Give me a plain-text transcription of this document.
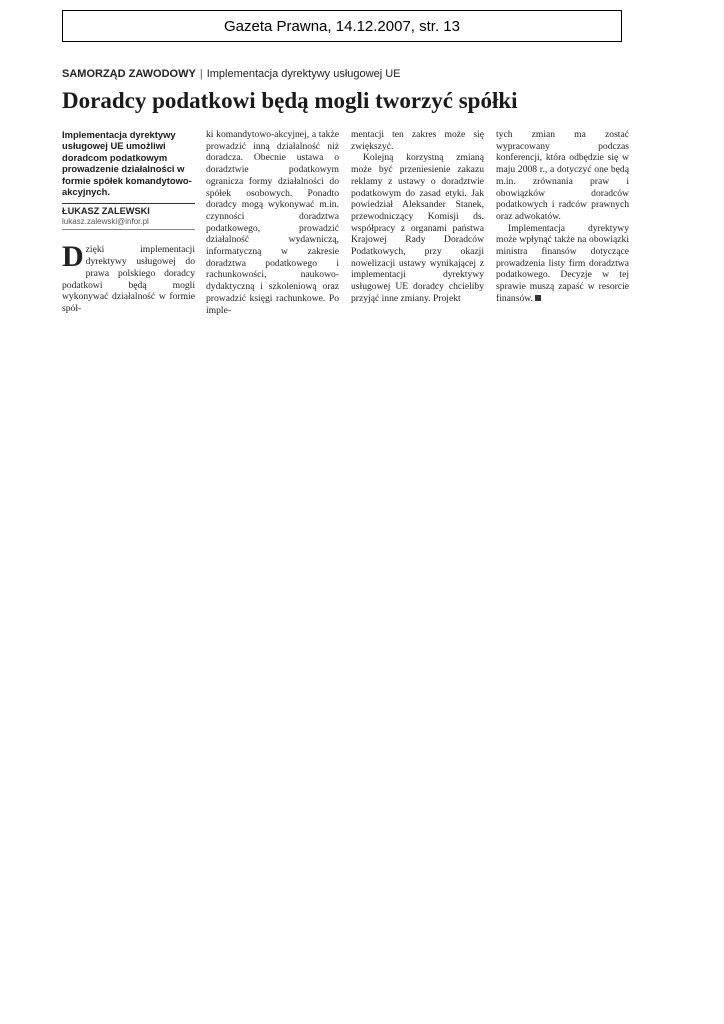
Gazeta Prawna, 14.12.2007, str. 13
SAMORZĄD ZAWODOWY | Implementacja dyrektywy usługowej UE
Doradcy podatkowi będą mogli tworzyć spółki
Implementacja dyrektywy usługowej UE umożliwi doradcom podatkowym prowadzenie działalności w formie spółek komandytowo-akcyjnych.
ŁUKASZ ZALEWSKI
lukasz.zalewski@infor.pl
Dzięki implementacji dyrektywy usługowej do prawa polskiego doradcy podatkowi będą mogli wykonywać działalność w formie spół-

ki komandytowo-akcyjnej, a także prowadzić inną działalność niż doradcza. Obecnie ustawa o doradztwie podatkowym ogranicza formy działalności do spółek osobowych. Ponadto doradcy mogą wykonywać m.in. czynności doradztwa podatkowego, prowadzić działalność wydawniczą, informatyczną w zakresie doradztwa podatkowego i rachunkowości, naukowo-dydaktyczną i szkoleniową oraz prowadzić księgi rachunkowe. Po imple-

mentacji ten zakres może się zwiększyć.

Kolejną korzystną zmianą może być przeniesienie zakazu reklamy z ustawy o doradztwie podatkowym do zasad etyki. Jak powiedział Aleksander Stanek, przewodniczący Komisji ds. współpracy z organami państwa Krajowej Rady Doradców Podatkowych, przy okazji nowelizacji ustawy wynikającej z implementacji dyrektywy usługowej UE doradcy chcieliby przyjąć inne zmiany. Projekt

tych zmian ma zostać wypracowany podczas konferencji, która odbędzie się w maju 2008 r., a dotyczyć one będą m.in. zrównania praw i obowiązków doradców podatkowych i radców prawnych oraz adwokatów.

Implementacja dyrektywy może wpłynąć także na obowiązki ministra finansów dotyczące prowadzenia listy firm doradztwa podatkowego. Decyzje w tej sprawie muszą zapaść w resorcie finansów.
